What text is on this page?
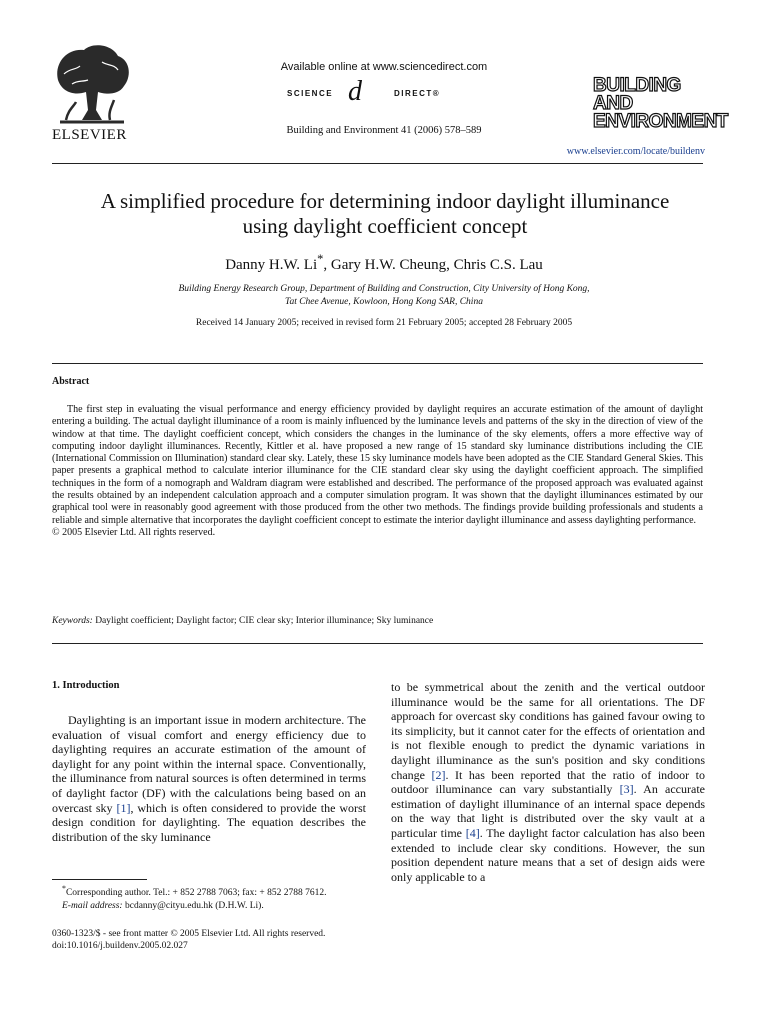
ELSEVIER
Available online at www.sciencedirect.com
SCIENCE d	DIRECT®
Building and Environment 41 (2006) 578–589
BUILDING AND
ENVIRONMENT
www.elsevier.com/locate/buildenv
A simplified procedure for determining indoor daylight illuminance
using daylight coefficient concept
Danny H.W. Li*, Gary H.W. Cheung, Chris C.S. Lau
Building Energy Research Group, Department of Building and Construction, City University of Hong Kong,
Tat Chee Avenue, Kowloon, Hong Kong SAR, China
Received 14 January 2005; received in revised form 21 February 2005; accepted 28 February 2005
Abstract

The first step in evaluating the visual performance and energy efficiency provided by daylight requires an accurate estimation of the amount of daylight entering a building. The actual daylight illuminance of a room is mainly influenced by the luminance levels and patterns of the sky in the direction of view of the window at that time. The daylight coefficient concept, which considers the changes in the luminance of the sky elements, offers a more effective way of computing indoor daylight illuminances. Recently, Kittler et al. have proposed a new range of 15 standard sky luminance distributions including the CIE (International Commission on Illumination) standard clear sky. Lately, these 15 sky luminance models have been adopted as the CIE Standard General Skies. This paper presents a graphical method to calculate interior illuminance for the CIE standard clear sky using the daylight coefficient approach. The simplified techniques in the form of a nomograph and Waldram diagram were established and described. The performance of the proposed approach was evaluated against the results obtained by an independent calculation approach and a computer simulation program. It was shown that the daylight illuminances estimated by our graphical tool were in reasonably good agreement with those produced from the other two methods. The findings provide building professionals and students a reliable and simple alternative that incorporates the daylight coefficient concept to estimate the interior daylight illuminance and assess daylighting performance.

© 2005 Elsevier Ltd. All rights reserved.

Keywords: Daylight coefficient; Daylight factor; CIE clear sky; Interior illuminance; Sky luminance
1. Introduction

Daylighting is an important issue in modern architecture. The evaluation of visual comfort and energy efficiency due to daylighting requires an accurate estimation of the amount of daylight for any point within the internal space. Conventionally, the illuminance from natural sources is often determined in terms of daylight factor (DF) with the calculations being based on an overcast sky [1], which is often considered to provide the worst design condition for daylighting. The equation describes the distribution of the sky luminance

to be symmetrical about the zenith and the vertical outdoor illuminance would be the same for all orientations. The DF approach for overcast sky conditions has gained favour owing to its simplicity, but it cannot cater for the effects of orientation and is not flexible enough to predict the dynamic variations in daylight illuminance as the sun's position and sky conditions change [2]. It has been reported that the ratio of indoor to outdoor illuminance can vary substantially [3]. An accurate estimation of daylight illuminance of an internal space depends on the way that light is distributed over the sky vault at a particular time [4]. The daylight factor calculation has also been extended to include clear sky conditions. However, the sun position dependent nature means that a set of design aids were only applicable to a

*Corresponding author. Tel.: + 852 2788 7063; fax: + 852 2788 7612.
E-mail address: bcdanny@cityu.edu.hk (D.H.W. Li).
0360-1323/$ - see front matter © 2005 Elsevier Ltd. All rights reserved.
doi:10.1016/j.buildenv.2005.02.027
